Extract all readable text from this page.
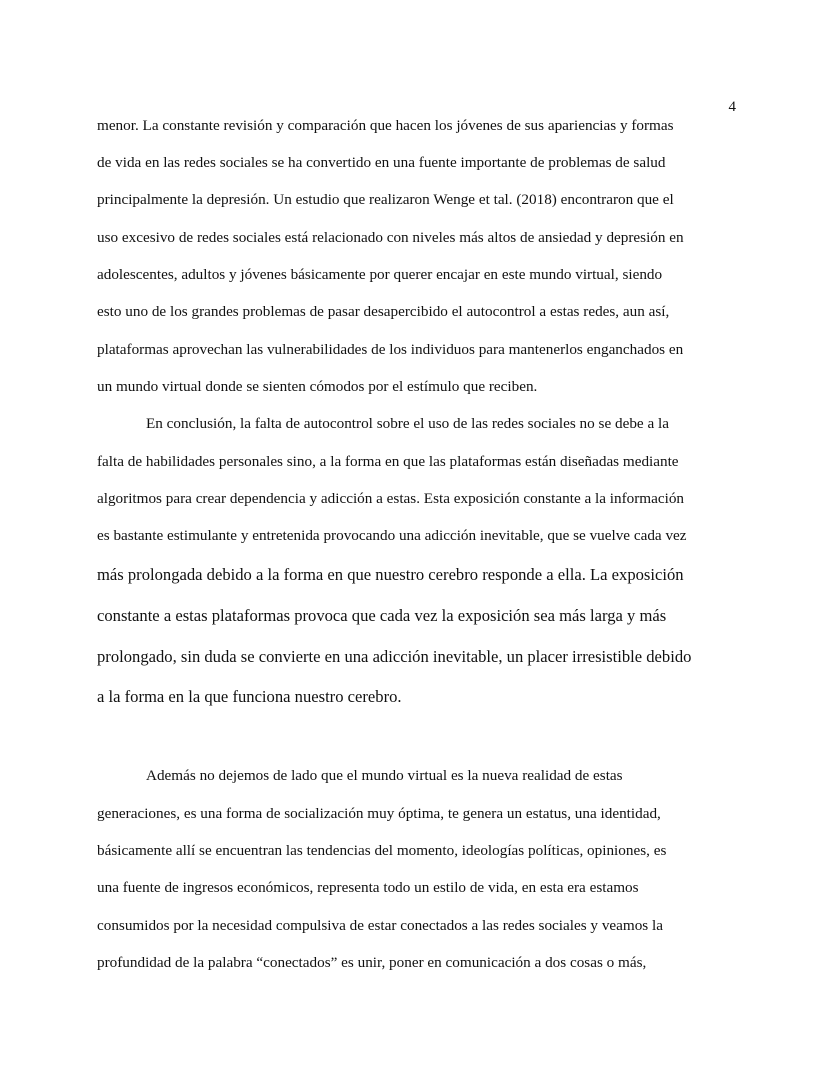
4
menor. La constante revisión y comparación que hacen los jóvenes de sus apariencias y formas
de vida en las redes sociales se ha convertido en una fuente importante de problemas de salud
principalmente la depresión. Un estudio que realizaron Wenge et tal. (2018) encontraron que el
uso excesivo de redes sociales está relacionado con niveles más altos de ansiedad y depresión en
adolescentes, adultos y jóvenes básicamente por querer encajar en este mundo virtual, siendo
esto uno de los grandes problemas de pasar desapercibido el autocontrol a estas redes, aun así,
plataformas aprovechan las vulnerabilidades de los individuos para mantenerlos enganchados en
un mundo virtual donde se sienten cómodos por el estímulo que reciben.
En conclusión, la falta de autocontrol sobre el uso de las redes sociales no se debe a la
falta de habilidades personales sino, a la forma en que las plataformas están diseñadas mediante
algoritmos para crear dependencia y adicción a estas. Esta exposición constante a la información
es bastante estimulante y entretenida provocando una adicción inevitable, que se vuelve cada vez
más prolongada debido a la forma en que nuestro cerebro responde a ella. La exposición
constante a estas plataformas provoca que cada vez la exposición sea más larga y más
prolongado, sin duda se convierte en una adicción inevitable, un placer irresistible debido
a la forma en la que funciona nuestro cerebro.
Además no dejemos de lado que el mundo virtual es la nueva realidad de estas
generaciones, es una forma de socialización muy óptima, te genera un estatus, una identidad,
básicamente allí se encuentran las tendencias del momento, ideologías políticas, opiniones, es
una fuente de ingresos económicos, representa todo un estilo de vida, en esta era estamos
consumidos por la necesidad compulsiva de estar conectados a las redes sociales y veamos la
profundidad de la palabra “conectados” es unir, poner en comunicación a dos cosas o más,
